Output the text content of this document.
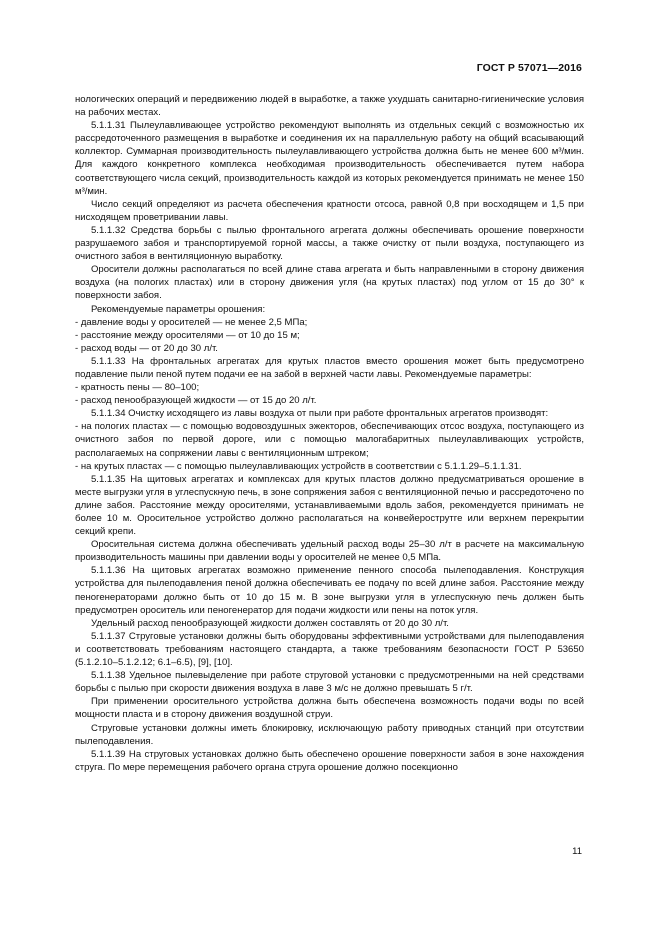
ГОСТ Р 57071—2016

нологических операций и передвижению людей в выработке, а также ухудшать санитарно-гигиенические условия на рабочих местах.

5.1.1.31 Пылеулавливающее устройство рекомендуют выполнять из отдельных секций с возможностью их рассредоточенного размещения в выработке и соединения их на параллельную работу на общий всасывающий коллектор. Суммарная производительность пылеулавливающего устройства должна быть не менее 600 м³/мин. Для каждого конкретного комплекса необходимая производительность обеспечивается путем набора соответствующего числа секций, производительность каждой из которых рекомендуется принимать не менее 150 м³/мин.

Число секций определяют из расчета обеспечения кратности отсоса, равной 0,8 при восходящем и 1,5 при нисходящем проветривании лавы.

5.1.1.32 Средства борьбы с пылью фронтального агрегата должны обеспечивать орошение поверхности разрушаемого забоя и транспортируемой горной массы, а также очистку от пыли воздуха, поступающего из очистного забоя в вентиляционную выработку.

Оросители должны располагаться по всей длине става агрегата и быть направленными в сторону движения воздуха (на пологих пластах) или в сторону движения угля (на крутых пластах) под углом от 15 до 30° к поверхности забоя.

Рекомендуемые параметры орошения:

- давление воды у оросителей — не менее 2,5 МПа;

- расстояние между оросителями — от 10 до 15 м;

- расход воды — от 20 до 30 л/т.

5.1.1.33 На фронтальных агрегатах для крутых пластов вместо орошения может быть предусмотрено подавление пыли пеной путем подачи ее на забой в верхней части лавы. Рекомендуемые параметры:

- кратность пены — 80–100;

- расход пенообразующей жидкости — от 15 до 20 л/т.

5.1.1.34 Очистку исходящего из лавы воздуха от пыли при работе фронтальных агрегатов производят:

- на пологих пластах — с помощью водовоздушных эжекторов, обеспечивающих отсос воздуха, поступающего из очистного забоя по первой дороге, или с помощью малогабаритных пылеулавливающих устройств, располагаемых на сопряжении лавы с вентиляционным штреком;

- на крутых пластах — с помощью пылеулавливающих устройств в соответствии с 5.1.1.29–5.1.1.31.

5.1.1.35 На щитовых агрегатах и комплексах для крутых пластов должно предусматриваться орошение в месте выгрузки угля в углеспускную печь, в зоне сопряжения забоя с вентиляционной печью и рассредоточено по длине забоя. Расстояние между оросителями, устанавливаемыми вдоль забоя, рекомендуется принимать не более 10 м. Оросительное устройство должно располагаться на конвейерострутге или верхнем перекрытии секций крепи.

Оросительная система должна обеспечивать удельный расход воды 25–30 л/т в расчете на максимальную производительность машины при давлении воды у оросителей не менее 0,5 МПа.

5.1.1.36 На щитовых агрегатах возможно применение пенного способа пылеподавления. Конструкция устройства для пылеподавления пеной должна обеспечивать ее подачу по всей длине забоя. Расстояние между пеногенераторами должно быть от 10 до 15 м. В зоне выгрузки угля в углеспускную печь должен быть предусмотрен ороситель или пеногенератор для подачи жидкости или пены на поток угля.

Удельный расход пенообразующей жидкости должен составлять от 20 до 30 л/т.

5.1.1.37 Струговые установки должны быть оборудованы эффективными устройствами для пылеподавления и соответствовать требованиям настоящего стандарта, а также требованиям безопасности ГОСТ Р 53650 (5.1.2.10–5.1.2.12; 6.1–6.5), [9], [10].

5.1.1.38 Удельное пылевыделение при работе струговой установки с предусмотренными на ней средствами борьбы с пылью при скорости движения воздуха в лаве 3 м/с не должно превышать 5 г/т.

При применении оросительного устройства должна быть обеспечена возможность подачи воды по всей мощности пласта и в сторону движения воздушной струи.

Струговые установки должны иметь блокировку, исключающую работу приводных станций при отсутствии пылеподавления.

5.1.1.39 На струговых установках должно быть обеспечено орошение поверхности забоя в зоне нахождения струга. По мере перемещения рабочего органа струга орошение должно посекционно

11
